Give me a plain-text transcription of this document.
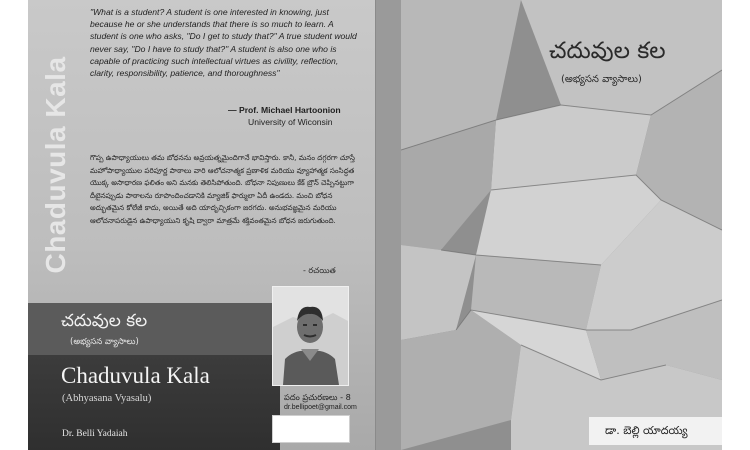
Chaduvula Kala
"What is a student? A student is one interested in knowing, just because he or she understands that there is so much to learn. A student is one who asks, "Do I get to study that?" A true student would never say, "Do I have to study that?" A student is also one who is capable of practicing such intellectual virtues as civility, reflection, clarity, responsibility, patience, and thoroughness"
— Prof. Michael Hartoonion
University of Wiconsin
గొప్ప ఉపాధ్యాయులు తమ బోధనను అవ్రయత్నమైందిగానే భావిస్తారు. కానీ, మనం దగ్గరగా చూస్తే మహోపాధ్యాయుల పరిపూర్ణ పాఠాలు వారి ఆలోచనాత్మక ప్రణాళిక మరియు వ్యూహాత్మక సంసిద్ధత యొక్క అసాధారణ ఫలితం అని మనకు తెలిసిపోతుంది. బోధనా నిపుణులు కేక్ బ్రౌన్ చెప్పినట్టుగా దీటైనప్పుడు పాఠాలను రూపొందించడానికి మ్యాజిక్ ఫార్ములా ఏదీ ఉండదు. మంచి బోధన అద్భుతమైన కోలేజీ కాదు, అయితే అది యాదృచ్ఛికంగా జరగదు. అనుభవజ్ఞమైన మరియు ఆలోచనాపరుడైన ఉపాధ్యాయుని కృషి ద్వారా మాత్రమే శక్తివంతమైన బోధన జరుగుతుంది.
- రచయిత
చదువుల కల
(అభ్యసన వ్యాసాలు)
Chaduvula Kala
(Abhyasana Vyasalu)
Dr. Belli Yadaiah
పదం ప్రచురణలు - 8
dr.bellipoet@gmail.com
చదువుల కల
(అభ్యసన వ్యాసాలు)
డా. బెల్లి యాదయ్య
